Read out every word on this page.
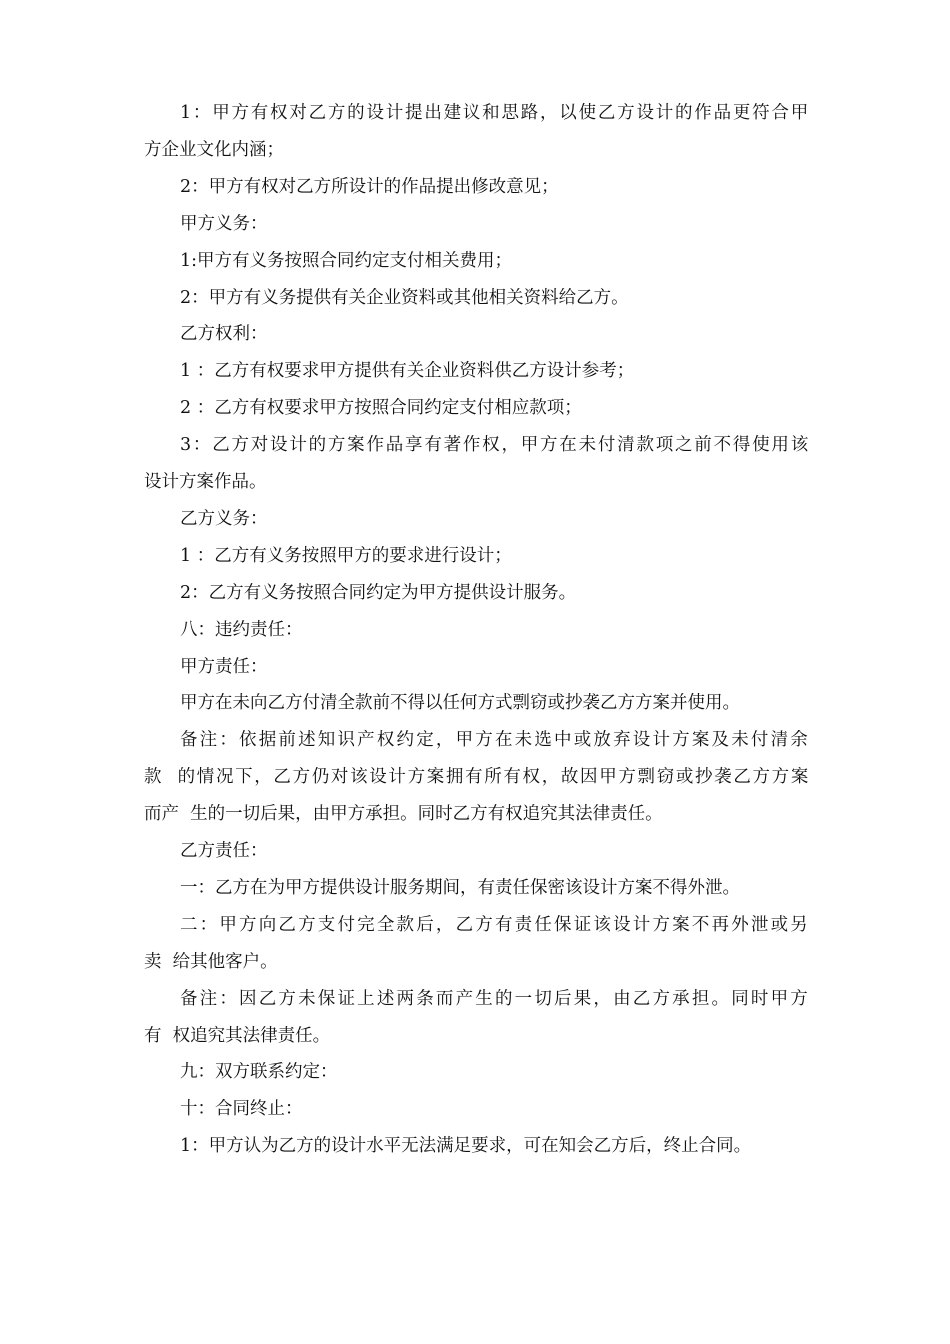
1：甲方有权对乙方的设计提出建议和思路，以使乙方设计的作品更符合甲
方企业文化内涵；
2：甲方有权对乙方所设计的作品提出修改意见；
甲方义务：
1:甲方有义务按照合同约定支付相关费用；
2：甲方有义务提供有关企业资料或其他相关资料给乙方。
乙方权利：
1 ：乙方有权要求甲方提供有关企业资料供乙方设计参考；
2 ：乙方有权要求甲方按照合同约定支付相应款项；
3：乙方对设计的方案作品享有著作权，甲方在未付清款项之前不得使用该
设计方案作品。
乙方义务：
1 ：乙方有义务按照甲方的要求进行设计；
2：乙方有义务按照合同约定为甲方提供设计服务。
八：违约责任：
甲方责任：
甲方在未向乙方付清全款前不得以任何方式剽窃或抄袭乙方方案并使用。
备注：依据前述知识产权约定，甲方在未选中或放弃设计方案及未付清余
款  的情况下，乙方仍对该设计方案拥有所有权，故因甲方剽窃或抄袭乙方方案
而产  生的一切后果，由甲方承担。同时乙方有权追究其法律责任。
乙方责任：
一：乙方在为甲方提供设计服务期间，有责任保密该设计方案不得外泄。
二：甲方向乙方支付完全款后，乙方有责任保证该设计方案不再外泄或另
卖  给其他客户。
备注：因乙方未保证上述两条而产生的一切后果，由乙方承担。同时甲方
有  权追究其法律责任。
九：双方联系约定：
十：合同终止：
1：甲方认为乙方的设计水平无法满足要求，可在知会乙方后，终止合同。
